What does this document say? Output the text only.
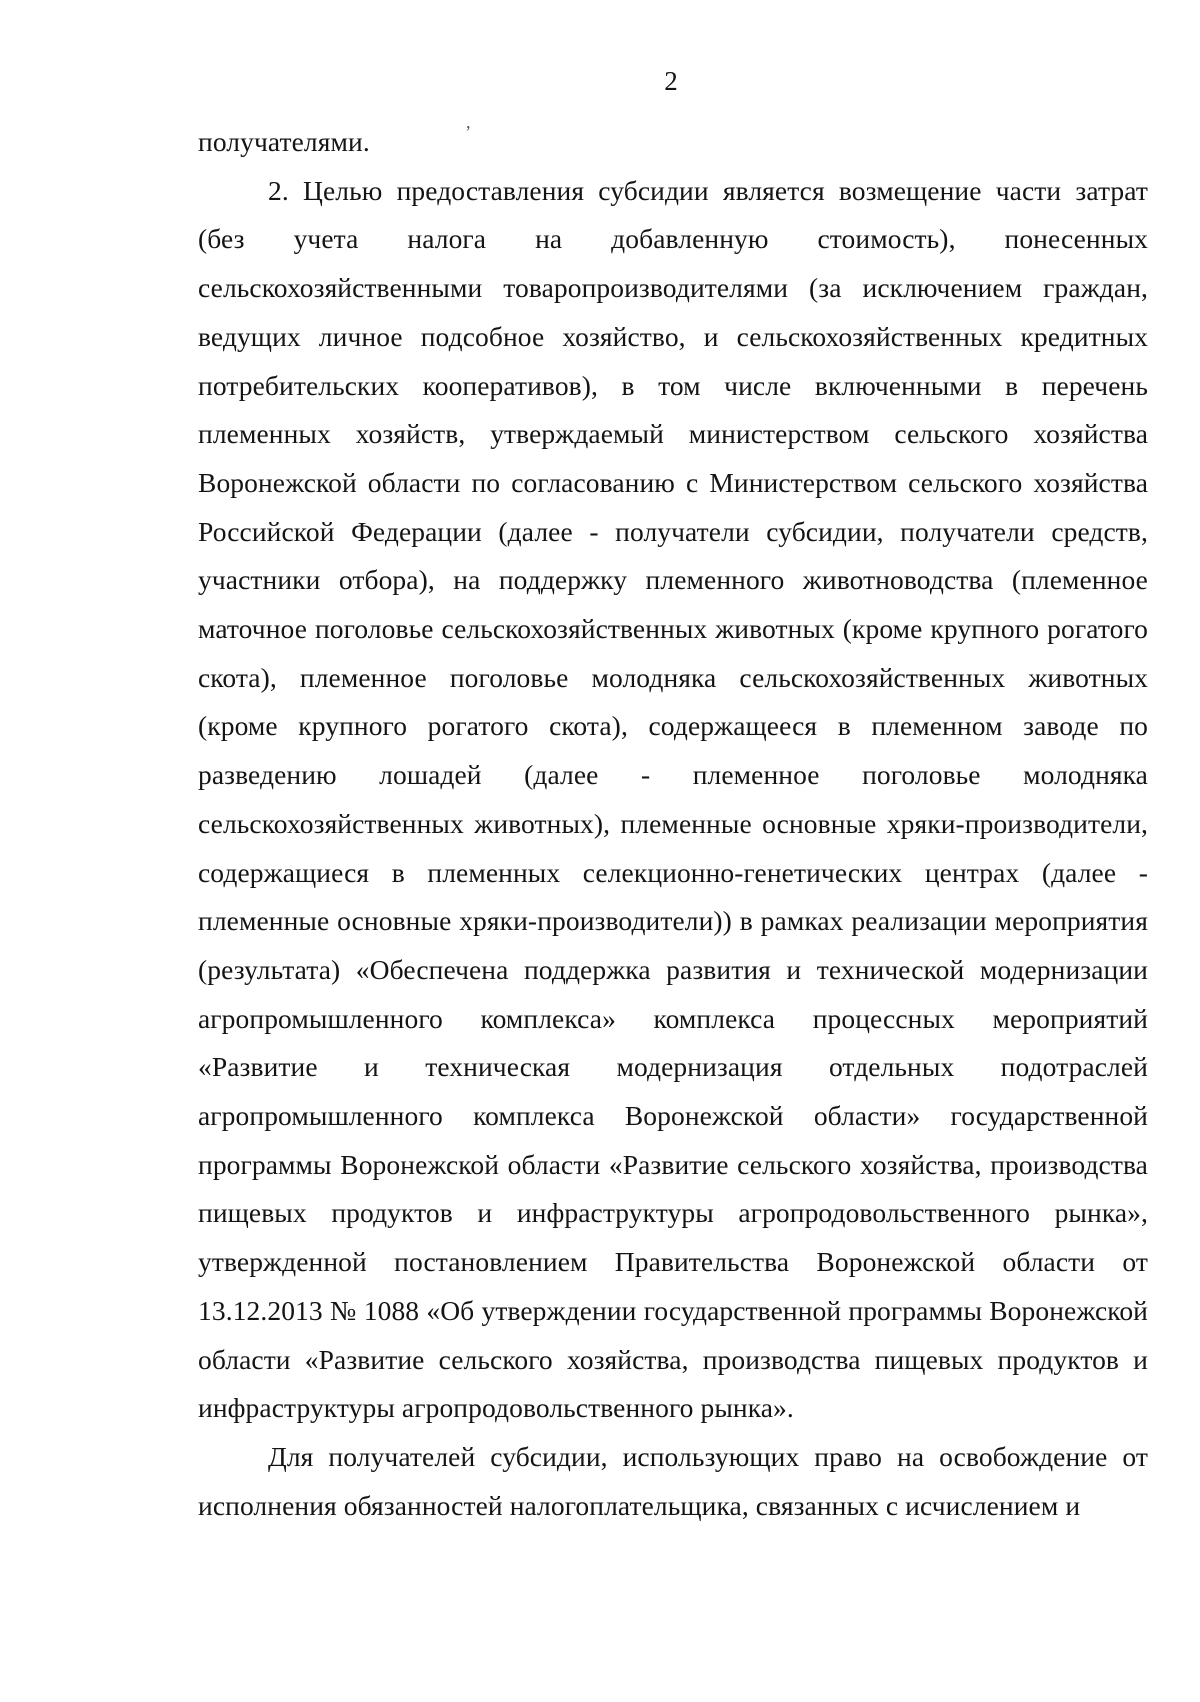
2
,

получателями.

2. Целью предоставления субсидии является возмещение части затрат (без учета налога на добавленную стоимость), понесенных сельскохозяйственными товаропроизводителями (за исключением граждан, ведущих личное подсобное хозяйство, и сельскохозяйственных кредитных потребительских кооперативов), в том числе включенными в перечень племенных хозяйств, утверждаемый министерством сельского хозяйства Воронежской области по согласованию с Министерством сельского хозяйства Российской Федерации (далее - получатели субсидии, получатели средств, участники отбора), на поддержку племенного животноводства (племенное маточное поголовье сельскохозяйственных животных (кроме крупного рогатого скота), племенное поголовье молодняка сельскохозяйственных животных (кроме крупного рогатого скота), содержащееся в племенном заводе по разведению лошадей (далее - племенное поголовье молодняка сельскохозяйственных животных), племенные основные хряки-производители, содержащиеся в племенных селекционно-генетических центрах (далее - племенные основные хряки-производители)) в рамках реализации мероприятия (результата) «Обеспечена поддержка развития и технической модернизации агропромышленного комплекса» комплекса процессных мероприятий «Развитие и техническая модернизация отдельных подотраслей агропромышленного комплекса Воронежской области» государственной программы Воронежской области «Развитие сельского хозяйства, производства пищевых продуктов и инфраструктуры агропродовольственного рынка», утвержденной постановлением Правительства Воронежской области от 13.12.2013 № 1088 «Об утверждении государственной программы Воронежской области «Развитие сельского хозяйства, производства пищевых продуктов и инфраструктуры агропродовольственного рынка».

Для получателей субсидии, использующих право на освобождение от исполнения обязанностей налогоплательщика, связанных с исчислением и
